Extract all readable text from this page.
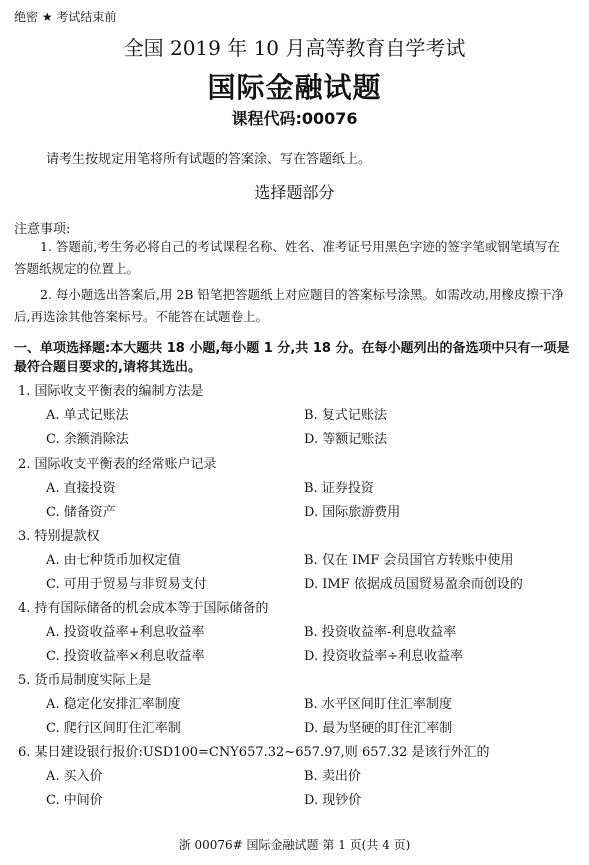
绝密 ★ 考试结束前
全国 2019 年 10 月高等教育自学考试
国际金融试题
课程代码:00076
请考生按规定用笔将所有试题的答案涂、写在答题纸上。
选择题部分
注意事项:
1. 答题前,考生务必将自己的考试课程名称、姓名、准考证号用黑色字迹的签字笔或钢笔填写在答题纸规定的位置上。
2. 每小题选出答案后,用 2B 铅笔把答题纸上对应题目的答案标号涂黑。如需改动,用橡皮擦干净后,再选涂其他答案标号。不能答在试题卷上。
一、单项选择题:本大题共 18 小题,每小题 1 分,共 18 分。在每小题列出的备选项中只有一项是最符合题目要求的,请将其选出。
1. 国际收支平衡表的编制方法是
A. 单式记账法	B. 复式记账法
C. 余额消除法	D. 等额记账法
2. 国际收支平衡表的经常账户记录
A. 直接投资	B. 证券投资
C. 储备资产	D. 国际旅游费用
3. 特别提款权
A. 由七种货币加权定值	B. 仅在 IMF 会员国官方转账中使用
C. 可用于贸易与非贸易支付	D. IMF 依据成员国贸易盈余而创设的
4. 持有国际储备的机会成本等于国际储备的
A. 投资收益率+利息收益率	B. 投资收益率-利息收益率
C. 投资收益率×利息收益率	D. 投资收益率÷利息收益率
5. 货币局制度实际上是
A. 稳定化安排汇率制度	B. 水平区间盯住汇率制度
C. 爬行区间盯住汇率制	D. 最为坚硬的盯住汇率制
6. 某日建设银行报价:USD100=CNY657.32~657.97,则 657.32 是该行外汇的
A. 买入价	B. 卖出价
C. 中间价	D. 现钞价
浙 00076# 国际金融试题 第 1 页(共 4 页)
